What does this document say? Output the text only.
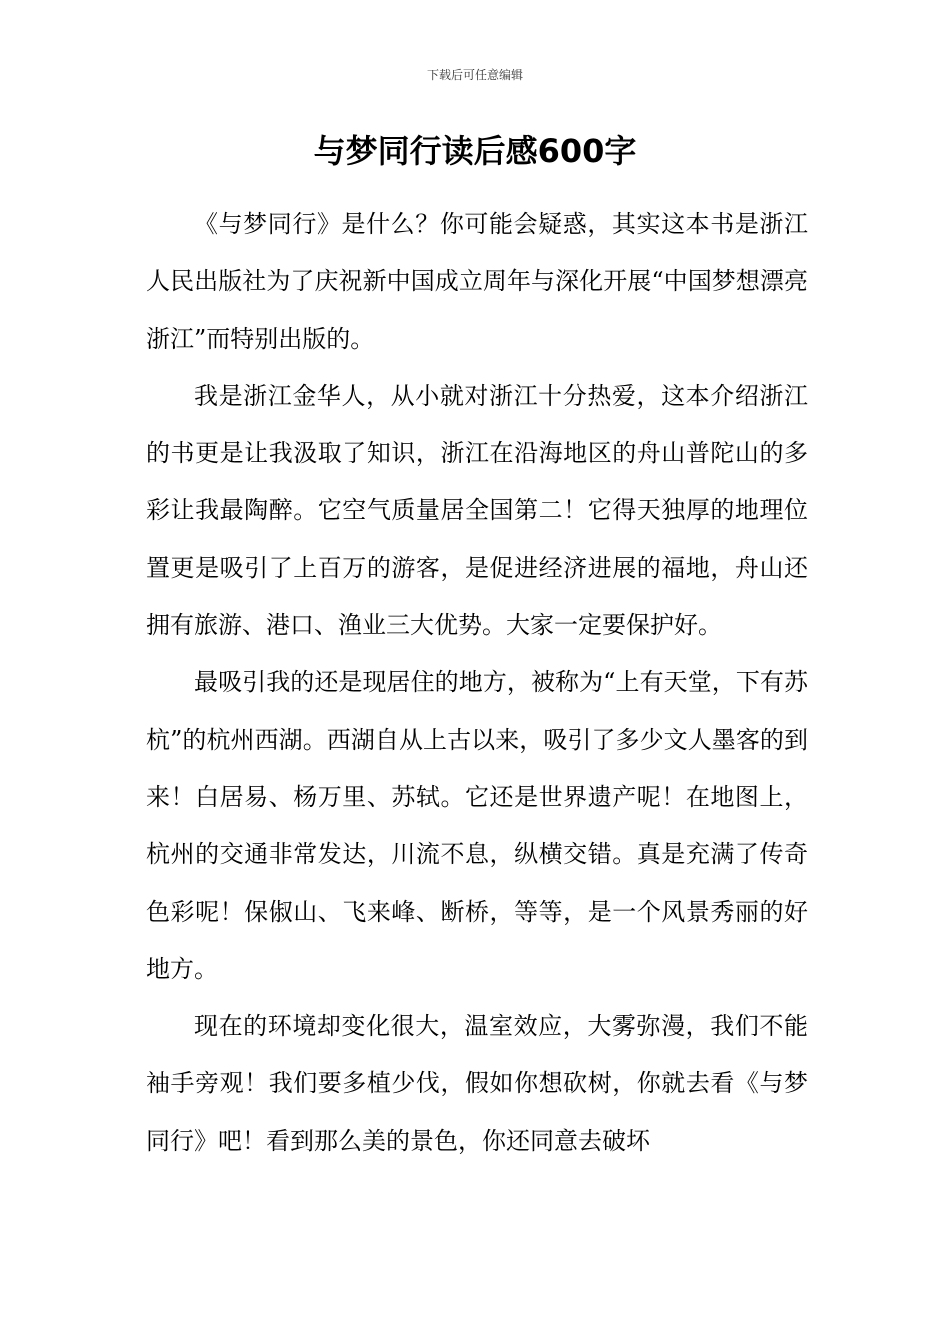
下载后可任意编辑
与梦同行读后感600字

《与梦同行》是什么？你可能会疑惑，其实这本书是浙江人民出版社为了庆祝新中国成立周年与深化开展“中国梦想漂亮浙江”而特别出版的。

我是浙江金华人，从小就对浙江十分热爱，这本介绍浙江的书更是让我汲取了知识，浙江在沿海地区的舟山普陀山的多彩让我最陶醉。它空气质量居全国第二！它得天独厚的地理位置更是吸引了上百万的游客，是促进经济进展的福地，舟山还拥有旅游、港口、渔业三大优势。大家一定要保护好。

最吸引我的还是现居住的地方，被称为“上有天堂，下有苏杭”的杭州西湖。西湖自从上古以来，吸引了多少文人墨客的到来！白居易、杨万里、苏轼。它还是世界遗产呢！在地图上，杭州的交通非常发达，川流不息，纵横交错。真是充满了传奇色彩呢！保俶山、飞来峰、断桥，等等，是一个风景秀丽的好地方。

现在的环境却变化很大，温室效应，大雾弥漫，我们不能袖手旁观！我们要多植少伐，假如你想砍树，你就去看《与梦同行》吧！看到那么美的景色，你还同意去破坏
